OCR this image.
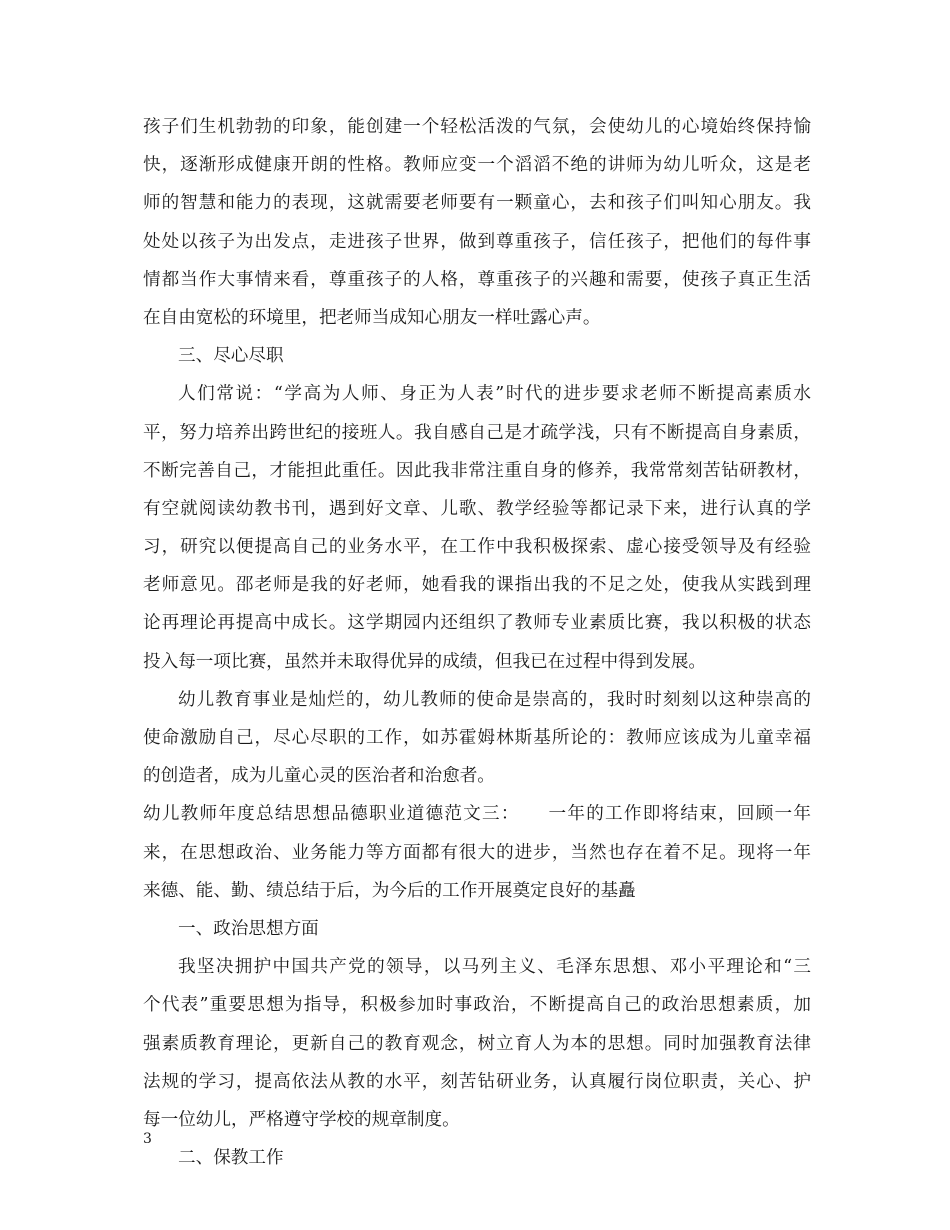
孩子们生机勃勃的印象，能创建一个轻松活泼的气氛，会使幼儿的心境始终保持愉
快，逐渐形成健康开朗的性格。教师应变一个滔滔不绝的讲师为幼儿听众，这是老
师的智慧和能力的表现，这就需要老师要有一颗童心，去和孩子们叫知心朋友。我
处处以孩子为出发点，走进孩子世界，做到尊重孩子，信任孩子，把他们的每件事
情都当作大事情来看，尊重孩子的人格，尊重孩子的兴趣和需要，使孩子真正生活
在自由宽松的环境里，把老师当成知心朋友一样吐露心声。
三、尽心尽职
人们常说：“学高为人师、身正为人表”时代的进步要求老师不断提高素质水
平，努力培养出跨世纪的接班人。我自感自己是才疏学浅，只有不断提高自身素质，
不断完善自己，才能担此重任。因此我非常注重自身的修养，我常常刻苦钻研教材，
有空就阅读幼教书刊，遇到好文章、儿歌、教学经验等都记录下来，进行认真的学
习，研究以便提高自己的业务水平，在工作中我积极探索、虚心接受领导及有经验
老师意见。邵老师是我的好老师，她看我的课指出我的不足之处，使我从实践到理
论再理论再提高中成长。这学期园内还组织了教师专业素质比赛，我以积极的状态
投入每一项比赛，虽然并未取得优异的成绩，但我已在过程中得到发展。
幼儿教育事业是灿烂的，幼儿教师的使命是崇高的，我时时刻刻以这种崇高的
使命激励自己，尽心尽职的工作，如苏霍姆林斯基所论的：教师应该成为儿童幸福
的创造者，成为儿童心灵的医治者和治愈者。
幼儿教师年度总结思想品德职业道德范文三：　　一年的工作即将结束，回顾一年
来，在思想政治、业务能力等方面都有很大的进步，当然也存在着不足。现将一年
来德、能、勤、绩总结于后，为今后的工作开展奠定良好的基矗
一、政治思想方面
我坚决拥护中国共产党的领导，以马列主义、毛泽东思想、邓小平理论和“三
个代表”重要思想为指导，积极参加时事政治，不断提高自己的政治思想素质，加
强素质教育理论，更新自己的教育观念，树立育人为本的思想。同时加强教育法律
法规的学习，提高依法从教的水平，刻苦钻研业务，认真履行岗位职责，关心、护
每一位幼儿，严格遵守学校的规章制度。
二、保教工作
3
